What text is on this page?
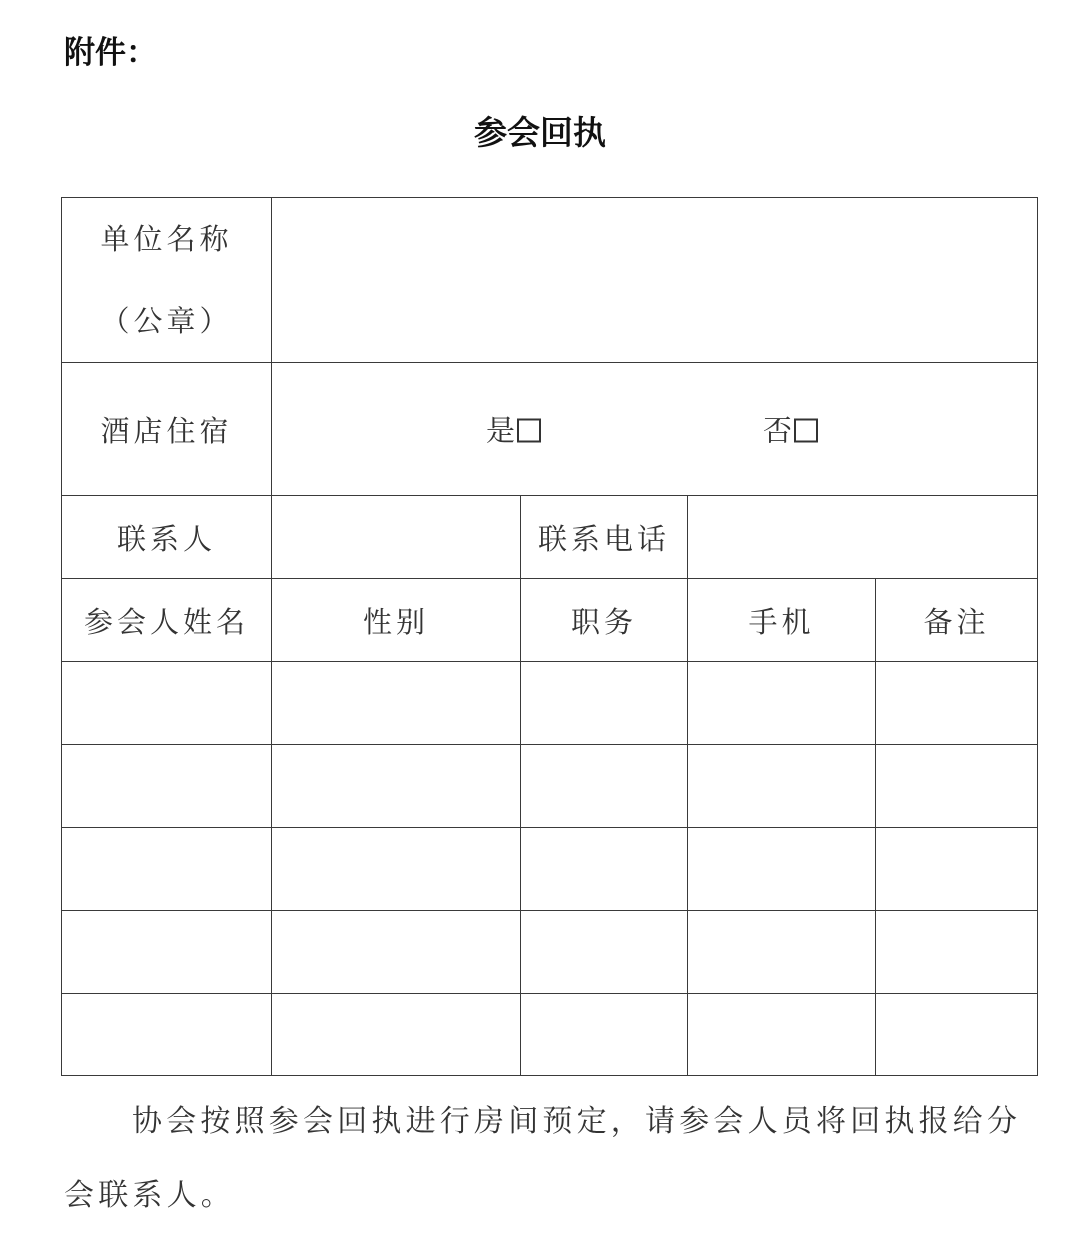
附件：
参会回执
单位名称
（公章）				

酒店住宿	是 否			

联系人		联系电话		
参会人姓名	性别	职务	手机	备注

协会按照参会回执进行房间预定，请参会人员将回执报给分会联系人。
